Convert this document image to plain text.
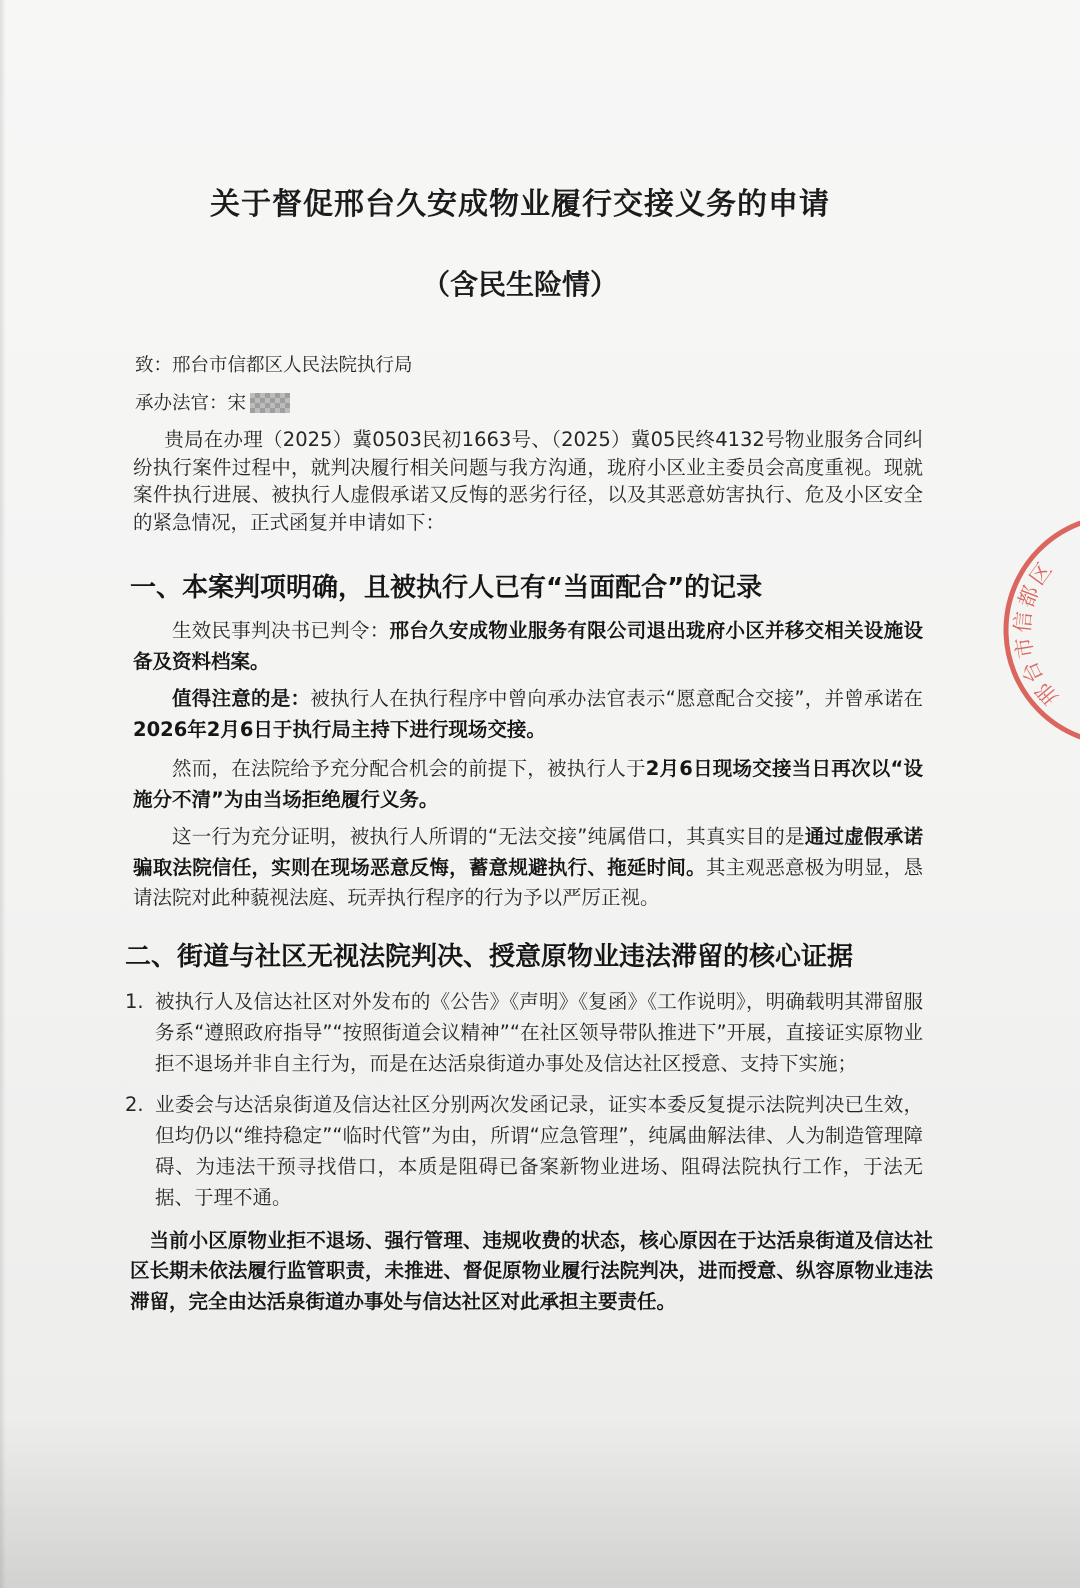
关于督促邢台久安成物业履行交接义务的申请
（含民生险情）
致：邢台市信都区人民法院执行局
承办法官：宋
贵局在办理（2025）冀0503民初1663号、（2025）冀05民终4132号物业服务合同纠纷执行案件过程中，就判决履行相关问题与我方沟通，珑府小区业主委员会高度重视。现就案件执行进展、被执行人虚假承诺又反悔的恶劣行径，以及其恶意妨害执行、危及小区安全的紧急情况，正式函复并申请如下：
一、本案判项明确，且被执行人已有“当面配合”的记录
生效民事判决书已判令：邢台久安成物业服务有限公司退出珑府小区并移交相关设施设备及资料档案。
值得注意的是：被执行人在执行程序中曾向承办法官表示“愿意配合交接”，并曾承诺在2026年2月6日于执行局主持下进行现场交接。
然而，在法院给予充分配合机会的前提下，被执行人于2月6日现场交接当日再次以“设施分不清”为由当场拒绝履行义务。
这一行为充分证明，被执行人所谓的“无法交接”纯属借口，其真实目的是通过虚假承诺骗取法院信任，实则在现场恶意反悔，蓄意规避执行、拖延时间。其主观恶意极为明显，恳请法院对此种藐视法庭、玩弄执行程序的行为予以严厉正视。
二、街道与社区无视法院判决、授意原物业违法滞留的核心证据
1. 被执行人及信达社区对外发布的《公告》《声明》《复函》《工作说明》，明确载明其滞留服务系“遵照政府指导”“按照街道会议精神”“在社区领导带队推进下”开展，直接证实原物业拒不退场并非自主行为，而是在达活泉街道办事处及信达社区授意、支持下实施；
2. 业委会与达活泉街道及信达社区分别两次发函记录，证实本委反复提示法院判决已生效，但均仍以“维持稳定”“临时代管”为由，所谓“应急管理”，纯属曲解法律、人为制造管理障碍、为违法干预寻找借口，本质是阻碍已备案新物业进场、阻碍法院执行工作，于法无据、于理不通。
当前小区原物业拒不退场、强行管理、违规收费的状态，核心原因在于达活泉街道及信达社区长期未依法履行监管职责，未推进、督促原物业履行法院判决，进而授意、纵容原物业违法滞留，完全由达活泉街道办事处与信达社区对此承担主要责任。
邢台市信都区
